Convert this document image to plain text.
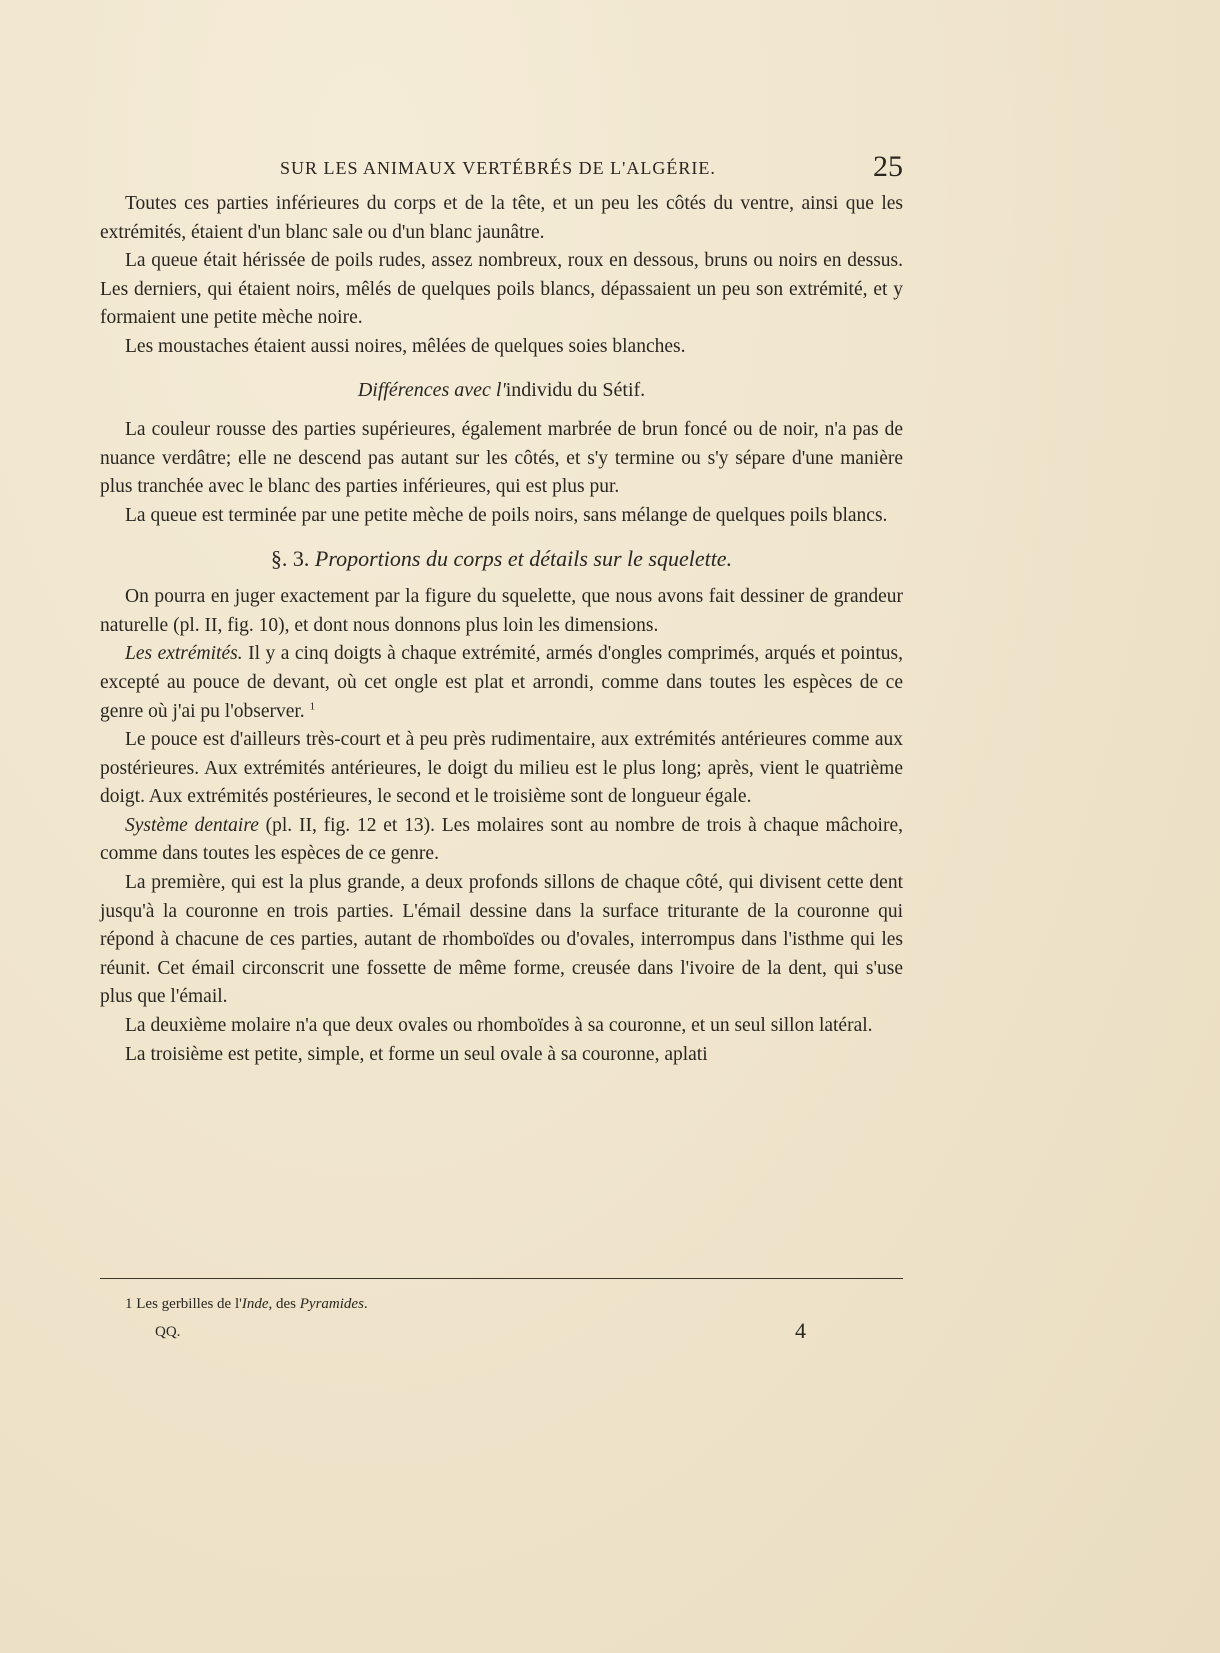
SUR LES ANIMAUX VERTÉBRÉS DE L'ALGÉRIE.	25

Toutes ces parties inférieures du corps et de la tête, et un peu les côtés du ventre, ainsi que les extrémités, étaient d'un blanc sale ou d'un blanc jaunâtre.

La queue était hérissée de poils rudes, assez nombreux, roux en dessous, bruns ou noirs en dessus. Les derniers, qui étaient noirs, mêlés de quelques poils blancs, dépassaient un peu son extrémité, et y formaient une petite mèche noire.

Les moustaches étaient aussi noires, mêlées de quelques soies blanches.

Différences avec l'individu du Sétif.

La couleur rousse des parties supérieures, également marbrée de brun foncé ou de noir, n'a pas de nuance verdâtre; elle ne descend pas autant sur les côtés, et s'y termine ou s'y sépare d'une manière plus tranchée avec le blanc des parties inférieures, qui est plus pur.

La queue est terminée par une petite mèche de poils noirs, sans mélange de quelques poils blancs.

§. 3. Proportions du corps et détails sur le squelette.

On pourra en juger exactement par la figure du squelette, que nous avons fait dessiner de grandeur naturelle (pl. II, fig. 10), et dont nous donnons plus loin les dimensions.

Les extrémités. Il y a cinq doigts à chaque extrémité, armés d'ongles comprimés, arqués et pointus, excepté au pouce de devant, où cet ongle est plat et arrondi, comme dans toutes les espèces de ce genre où j'ai pu l'observer. $^1$

Le pouce est d'ailleurs très-court et à peu près rudimentaire, aux extrémités antérieures comme aux postérieures. Aux extrémités antérieures, le doigt du milieu est le plus long; après, vient le quatrième doigt. Aux extrémités postérieures, le second et le troisième sont de longueur égale.

Système dentaire (pl. II, fig. 12 et 13). Les molaires sont au nombre de trois à chaque mâchoire, comme dans toutes les espèces de ce genre.

La première, qui est la plus grande, a deux profonds sillons de chaque côté, qui divisent cette dent jusqu'à la couronne en trois parties. L'émail dessine dans la surface triturante de la couronne qui répond à chacune de ces parties, autant de rhomboïdes ou d'ovales, interrompus dans l'isthme qui les réunit. Cet émail circonscrit une fossette de même forme, creusée dans l'ivoire de la dent, qui s'use plus que l'émail.

La deuxième molaire n'a que deux ovales ou rhomboïdes à sa couronne, et un seul sillon latéral.

La troisième est petite, simple, et forme un seul ovale à sa couronne, aplati

1 Les gerbilles de l'Inde, des Pyramides.
QQ.	4
